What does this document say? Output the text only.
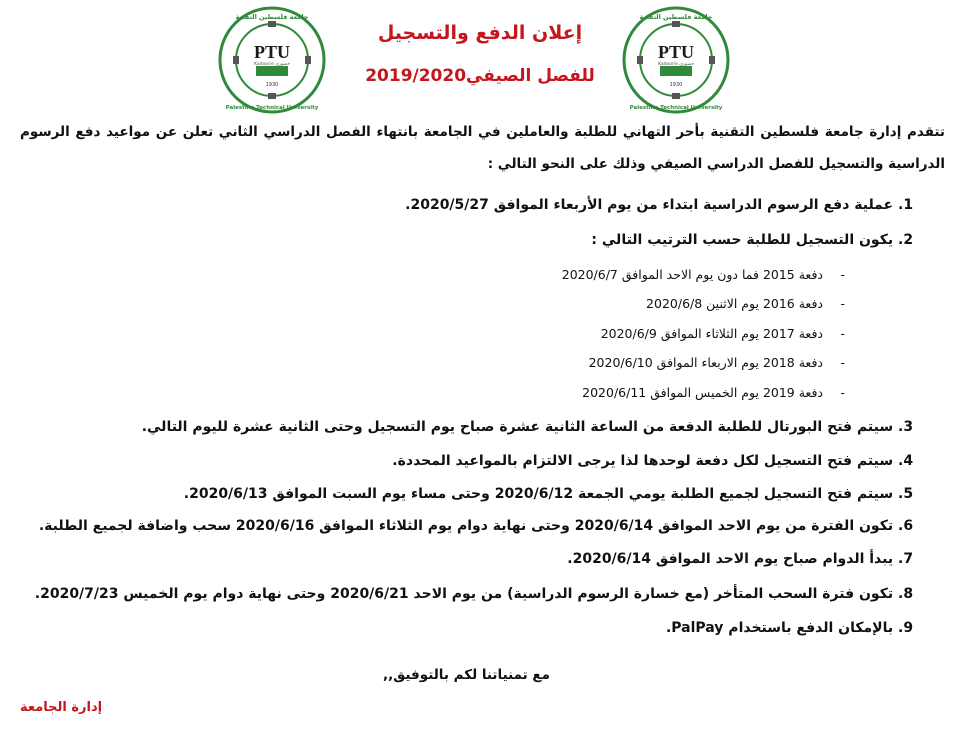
PTU
1930
جامعة فلسطين التقنية
Palestine Technical University
Kadoorie خضوري
PTU
1930
جامعة فلسطين التقنية
Palestine Technical University
Kadoorie خضوري
إعلان الدفع والتسجيل
للفصل الصيفي2019/2020
تتقدم إدارة جامعة فلسطين التقنية بأحر التهاني للطلبة والعاملين في الجامعة بانتهاء الفصل الدراسي الثاني تعلن عن مواعيد دفع الرسوم الدراسية والتسجيل للفصل الدراسي الصيفي وذلك على النحو التالي :
1. عملية دفع الرسوم الدراسية ابتداء من يوم الأربعاء الموافق 2020/5/27.
2. يكون التسجيل للطلبة حسب الترتيب التالي :
-دفعة 2015 فما دون يوم الاحد الموافق 2020/6/7
-دفعة 2016 يوم الاثنين 2020/6/8
-دفعة 2017 يوم الثلاثاء الموافق 2020/6/9
-دفعة 2018 يوم الاربعاء الموافق 2020/6/10
-دفعة 2019 يوم الخميس الموافق 2020/6/11
3. سيتم فتح البورتال للطلبة الدفعة من الساعة الثانية عشرة صباح يوم التسجيل وحتى الثانية عشرة لليوم التالي.
4. سيتم فتح التسجيل لكل دفعة لوحدها لذا يرجى الالتزام بالمواعيد المحددة.
5. سيتم فتح التسجيل لجميع الطلبة يومي الجمعة 2020/6/12 وحتى مساء يوم السبت الموافق 2020/6/13.
6. تكون الفترة من يوم الاحد الموافق 2020/6/14 وحتى نهاية دوام يوم الثلاثاء الموافق 2020/6/16 سحب واضافة لجميع الطلبة.
7. يبدأ الدوام صباح يوم الاحد الموافق 2020/6/14.
8. تكون فترة السحب المتأخر (مع خسارة الرسوم الدراسية) من يوم الاحد 2020/6/21 وحتى نهاية دوام يوم الخميس 2020/7/23.
9. بالإمكان الدفع باستخدام PalPay.
مع تمنياتنا لكم بالتوفيق,,
إدارة الجامعة
